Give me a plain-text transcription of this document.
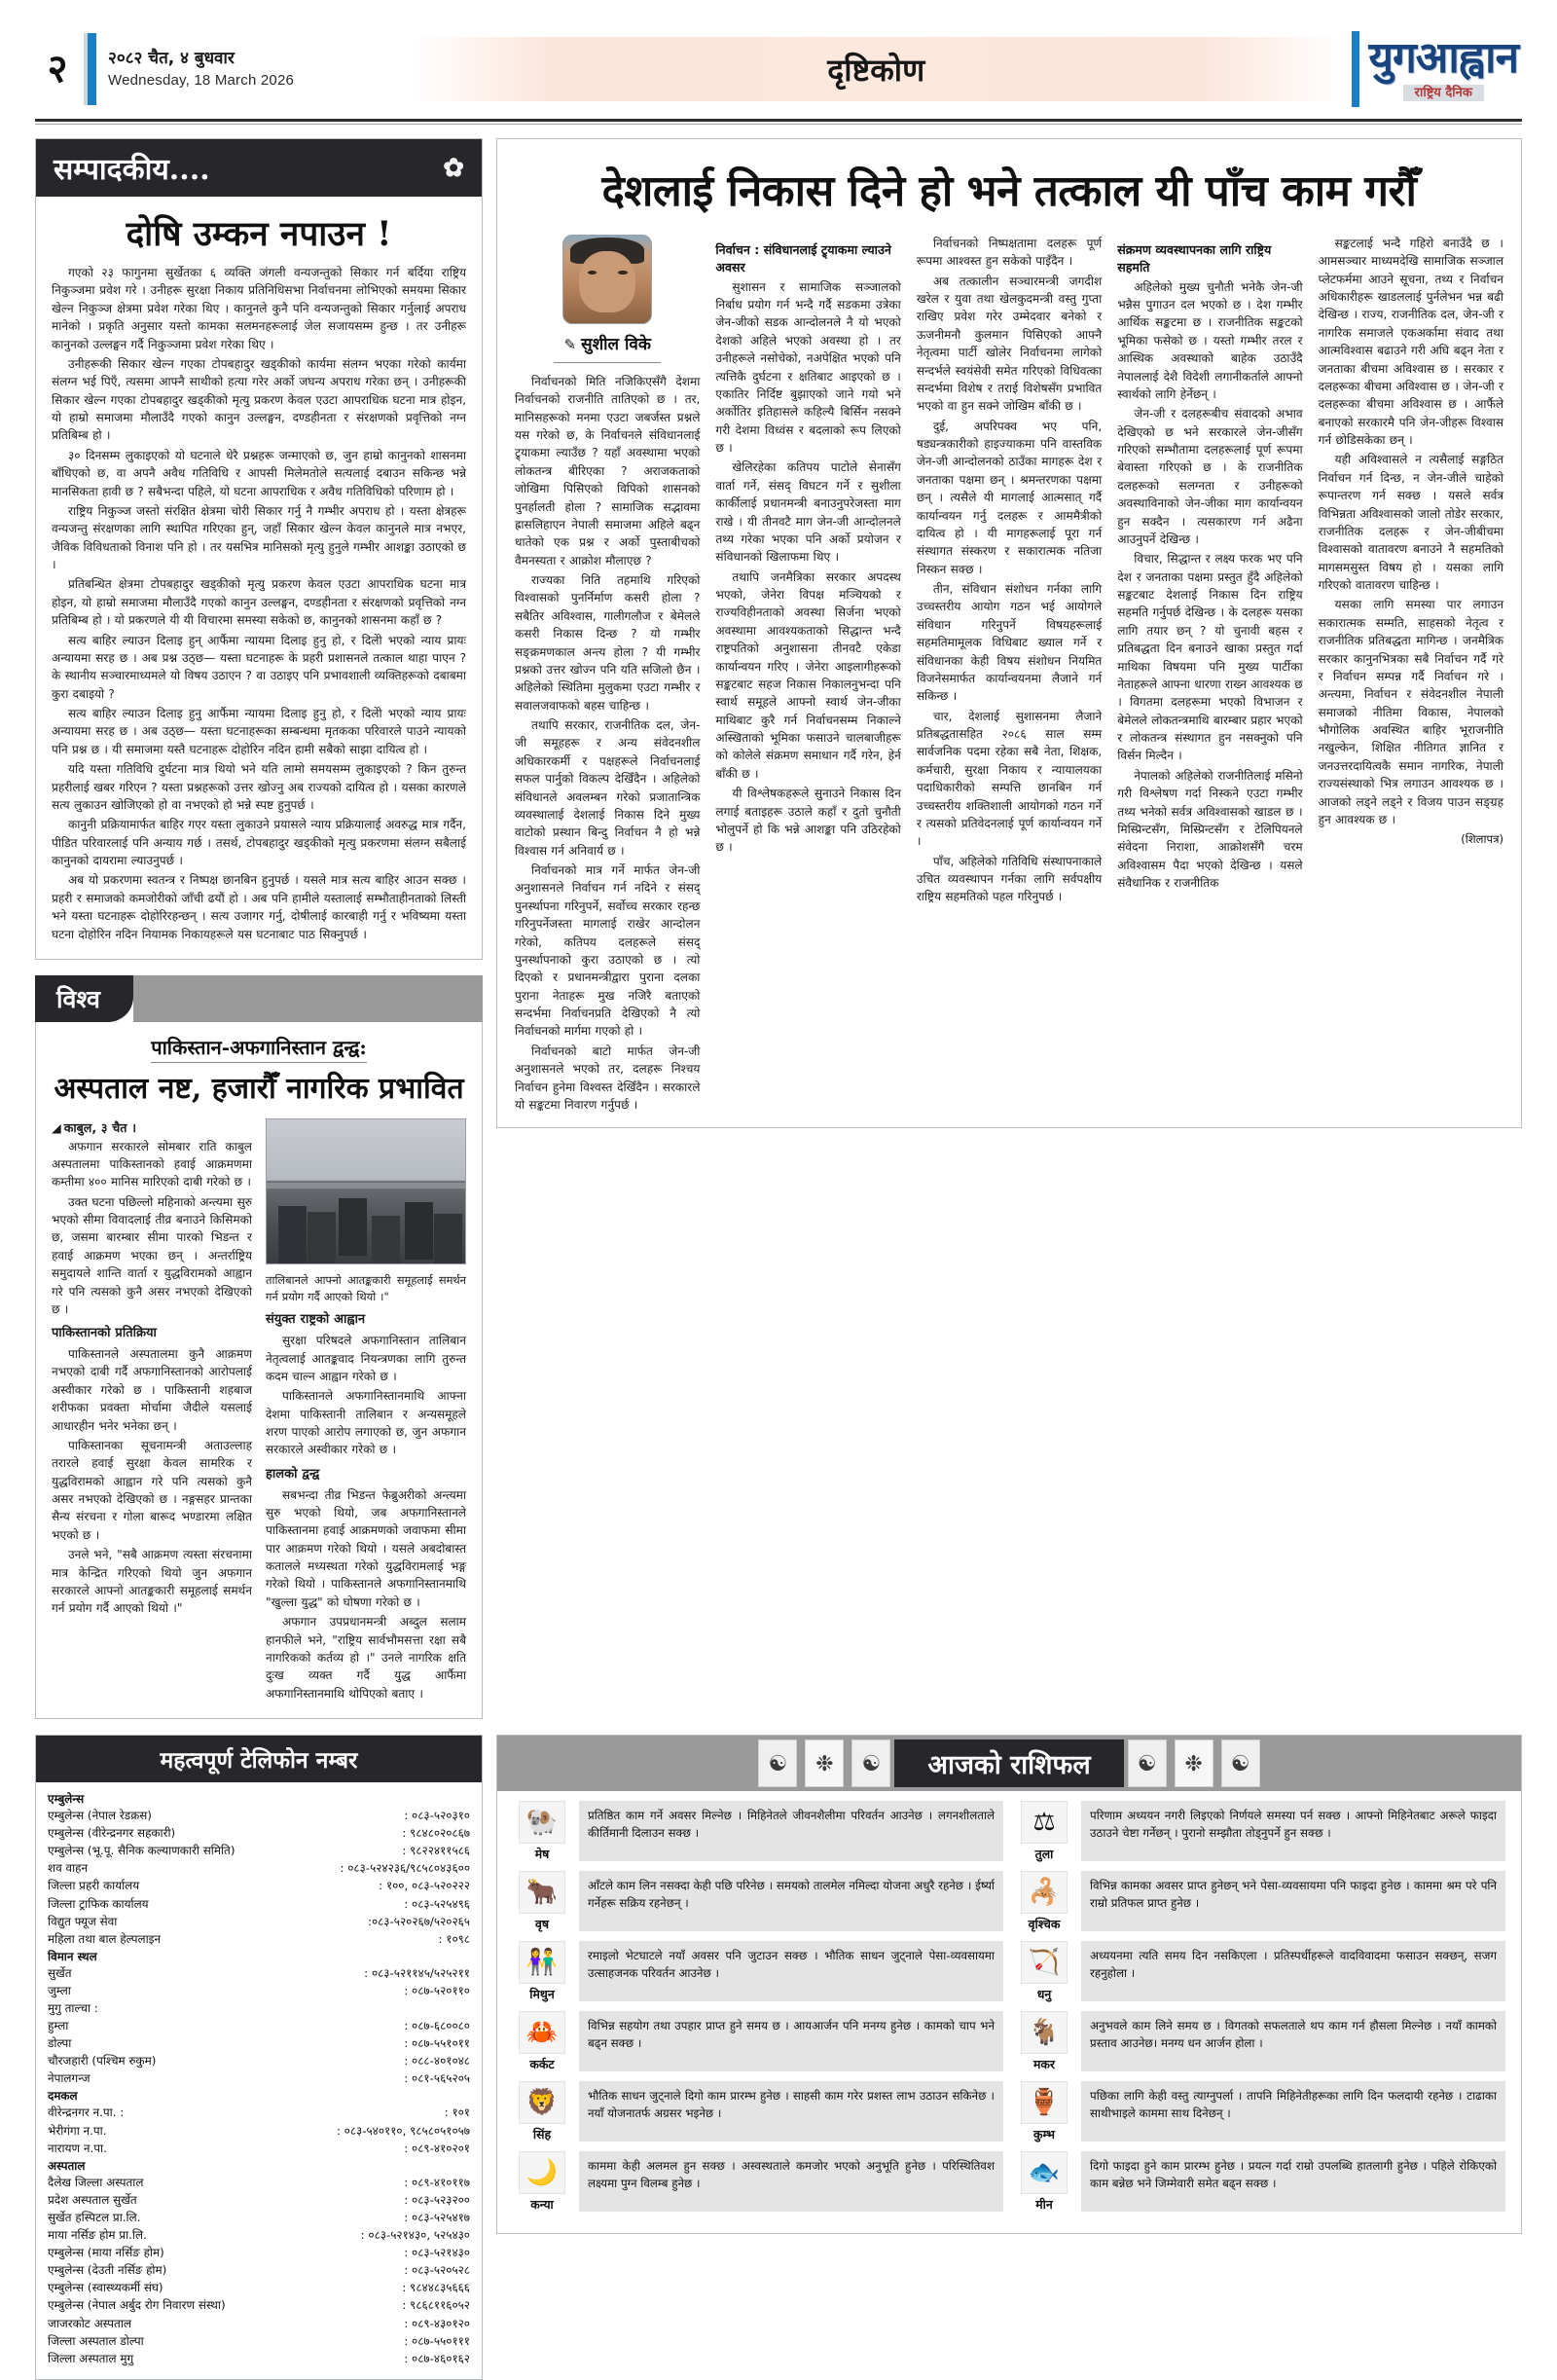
२	२०८२ चैत, ४ बुधवार
Wednesday, 18 March 2026	दृष्टिकोण	युगआह्वान
राष्ट्रिय दैनिक
सम्पादकीय....	✿
दोषि उम्कन नपाउन !

गएको २३ फागुनमा सुर्खेतका ६ व्यक्ति जंगली वन्यजन्तुको सिकार गर्न बर्दिया राष्ट्रिय निकुञ्जमा प्रवेश गरे । उनीहरू सुरक्षा निकाय प्रतिनिधिसभा निर्वाचनमा लोभिएको समयमा सिकार खेल्न निकुञ्ज क्षेत्रमा प्रवेश गरेका थिए । कानुनले कुनै पनि वन्यजन्तुको सिकार गर्नुलाई अपराध मानेको । प्रकृति अनुसार यस्तो कामका सलमनहरूलाई जेल सजायसम्म हुन्छ । तर उनीहरू कानुनको उल्लङ्घन गर्दै निकुञ्जमा प्रवेश गरेका थिए ।

उनीहरूकी सिकार खेल्न गएका टोपबहादुर खड्कीको कार्यमा संलग्न भएका गरेको कार्यमा संलग्न भई पिएँ, त्यसमा आफ्नै साथीको हत्या गरेर अर्को जघन्य अपराध गरेका छन् । उनीहरूकी सिकार खेल्न गएका टोपबहादुर खड्कीको मृत्यु प्रकरण केवल एउटा आपराधिक घटना मात्र होइन, यो हाम्रो समाजमा मौलाउँदै गएको कानुन उल्लङ्घन, दण्डहीनता र संरक्षणको प्रवृत्तिको नग्न प्रतिबिम्ब हो ।

३० दिनसम्म लुकाइएको यो घटनाले धेरै प्रश्नहरू जन्माएको छ, जुन हाम्रो कानुनको शासनमा बाँधिएको छ, वा अपनै अवैध गतिविधि र आपसी मिलेमतोले सत्यलाई दबाउन सकिन्छ भन्ने मानसिकता हावी छ ? सबैभन्दा पहिले, यो घटना आपराधिक र अवैध गतिविधिको परिणाम हो ।

राष्ट्रिय निकुञ्ज जस्तो संरक्षित क्षेत्रमा चोरी सिकार गर्नु नै गम्भीर अपराध हो । यस्ता क्षेत्रहरू वन्यजन्तु संरक्षणका लागि स्थापित गरिएका हुन्, जहाँ सिकार खेल्न केवल कानुनले मात्र नभएर, जैविक विविधताको विनाश पनि हो । तर यसभित्र मानिसको मृत्यु हुनुले गम्भीर आशङ्का उठाएको छ ।

प्रतिबन्धित क्षेत्रमा टोपबहादुर खड्कीको मृत्यु प्रकरण केवल एउटा आपराधिक घटना मात्र होइन, यो हाम्रो समाजमा मौलाउँदै गएको कानुन उल्लङ्घन, दण्डहीनता र संरक्षणको प्रवृत्तिको नग्न प्रतिबिम्ब हो । यो प्रकरणले यी यी विचारमा समस्या सकेको छ, कानुनको शासनमा कहाँ छ ?

सत्य बाहिर ल्याउन दिलाइ हुन् आर्फैमा न्यायमा दिलाइ हुनु हो, र दिलेो भएको न्याय प्रायः अन्यायमा सरह छ । अब प्रश्न उठ्छ— यस्ता घटनाहरू के प्रहरी प्रशासनले तत्काल थाहा पाएन ? के स्थानीय सञ्चारमाध्यमले यो विषय उठाएन ? वा उठाइए पनि प्रभावशाली व्यक्तिहरूको दबाबमा कुरा दबाइयो ?

सत्य बाहिर ल्याउन दिलाइ हुनु आर्फैमा न्यायमा दिलाइ हुनु हो, र दिलेो भएको न्याय प्रायः अन्यायमा सरह छ । अब उठ्छ— यस्ता घटनाहरूका सम्बन्धमा मृतकका परिवारले पाउने न्यायको पनि प्रश्न छ । यी समाजमा यस्तै घटनाहरू दोहोरिन नदिन हामी सबैको साझा दायित्व हो ।

यदि यस्ता गतिविधि दुर्घटना मात्र थियो भने यति लामो समयसम्म लुकाइएको ? किन तुरुन्त प्रहरीलाई खबर गरिएन ? यस्ता प्रश्नहरूको उत्तर खोज्नु अब राज्यको दायित्व हो । यसका कारणले सत्य लुकाउन खोजिएको हो वा नभएको हो भन्ने स्पष्ट हुनुपर्छ ।

कानुनी प्रक्रियामार्फत बाहिर गएर यस्ता लुकाउने प्रयासले न्याय प्रक्रियालाई अवरुद्ध मात्र गर्दैन, पीडित परिवारलाई पनि अन्याय गर्छ । तसर्थ, टोपबहादुर खड्कीको मृत्यु प्रकरणमा संलग्न सबैलाई कानुनको दायरामा ल्याउनुपर्छ ।

अब यो प्रकरणमा स्वतन्त्र र निष्पक्ष छानबिन हुनुपर्छ । यसले मात्र सत्य बाहिर आउन सक्छ । प्रहरी र समाजको कमजोरीको जाँची ढयौं हो । अब पनि हामीले यस्तालाई सम्भौताहीनताको लिस्ती भने यस्ता घटनाहरू दोहोरिरहन्छन् । सत्य उजागर गर्नु, दोषीलाई कारबाही गर्नु र भविष्यमा यस्ता घटना दोहोरिन नदिन नियामक निकायहरूले यस घटनाबाट पाठ सिक्नुपर्छ ।

विश्व
पाकिस्तान-अफगानिस्तान द्वन्द्व:
अस्पताल नष्ट, हजारौँ नागरिक प्रभावित
◢ काबुल, ३ चैत ।

अफगान सरकारले सोमबार राति काबुल अस्पतालमा पाकिस्तानको हवाई आक्रमणमा कम्तीमा ४०० मानिस मारिएको दाबी गरेको छ ।

उक्त घटना पछिल्लो महिनाको अन्त्यमा सुरु भएको सीमा विवादलाई तीव्र बनाउने किसिमको छ, जसमा बारम्बार सीमा पारको भिडन्त र हवाई आक्रमण भएका छन् । अन्तर्राष्ट्रिय समुदायले शान्ति वार्ता र युद्धविरामको आह्वान गरे पनि त्यसको कुनै असर नभएको देखिएको छ ।

पाकिस्तानको प्रतिक्रिया

पाकिस्तानले अस्पतालमा कुनै आक्रमण नभएको दाबी गर्दै अफगानिस्तानको आरोपलाई अस्वीकार गरेको छ । पाकिस्तानी शहबाज शरीफका प्रवक्ता मोर्चामा जैदीले यसलाई आधारहीन भनेर भनेका छन् ।

पाकिस्तानका सूचनामन्त्री अताउल्लाह तरारले हवाई सुरक्षा केवल सामरिक र युद्धविरामको आह्वान गरे पनि त्यसको कुनै असर नभएको देखिएको छ । नङ्गसहर प्रान्तका सैन्य संरचना र गोला बारूद भण्डारमा लक्षित भएको छ ।

उनले भने, "सबै आक्रमण त्यस्ता संरचनामा मात्र केन्द्रित गरिएको थियो जुन अफगान सरकारले आफ्नो आतङ्ककारी समूहलाई समर्थन गर्न प्रयोग गर्दै आएको थियो ।"

तालिबानले आफ्नो आतङ्ककारी समूहलाई समर्थन गर्न प्रयोग गर्दै आएको थियो ।"
संयुक्त राष्ट्रको आह्वान

सुरक्षा परिषदले अफगानिस्तान तालिबान नेतृत्वलाई आतङ्कवाद नियन्त्रणका लागि तुरुन्त कदम चाल्न आह्वान गरेको छ ।

पाकिस्तानले अफगानिस्तानमाथि आफ्ना देशमा पाकिस्तानी तालिबान र अन्यसमूहले शरण पाएको आरोप लगाएको छ, जुन अफगान सरकारले अस्वीकार गरेको छ ।

हालको द्वन्द्व

सबभन्दा तीव्र भिडन्त फेब्रुअरीको अन्त्यमा सुरु भएको थियो, जब अफगानिस्तानले पाकिस्तानमा हवाई आक्रमणको जवाफमा सीमा पार आक्रमण गरेको थियो । यसले अबदोबास्त कतालले मध्यस्थता गरेको युद्धविरामलाई भङ्ग गरेको थियो । पाकिस्तानले अफगानिस्तानमाथि "खुल्ला युद्ध" को घोषणा गरेको छ ।

अफगान उपप्रधानमन्त्री अब्दुल सलाम हानफीले भने, "राष्ट्रिय सार्वभौमसत्ता रक्षा सबै नागरिकको कर्तव्य हो ।" उनले नागरिक क्षति दुःख व्यक्त गर्दै युद्ध आर्फैमा अफगानिस्तानमाथि थोपिएको बताए ।

देशलाई निकास दिने हो भने तत्काल यी पाँच काम गरौँ
✎ सुशील विके

निर्वाचनको मिति नजिकिएसँगै देशमा निर्वाचनको राजनीति तातिएको छ । तर, मानिसहरूको मनमा एउटा जबर्जस्त प्रश्नले यस गरेको छ, के निर्वाचनले संविधानलाई ट्र्याकमा ल्याउँछ ? यहाँ अवस्थामा भएको लोकतन्त्र बीरिएका ? अराजकताको जोखिमा पिसिएको विपिको शासनको पुनर्हालती होला ? सामाजिक सद्भावमा ह्रासलिहाएन नेपाली समाजमा अहिले बढ्न धातेको एक प्रश्न र अर्को पुस्ताबीचको वैमनस्यता र आक्रोश मौलाएछ ?

राज्यका निति तहमाथि गरिएको विश्वासको पुनर्निर्माण कसरी होला ? सबैतिर अविश्वास, गालीगलौज र बेमेलले कसरी निकास दिन्छ ? यो गम्भीर सङ्क्रमणकाल अन्त्य होला ? यी गम्भीर प्रश्नको उत्तर खोज्न पनि यति सजिलो छैन । अहिलेको स्थितिमा मुलुकमा एउटा गम्भीर र सवालजवाफको बहस चाहिन्छ ।

तथापि सरकार, राजनीतिक दल, जेन-जी समूहहरू र अन्य संवेदनशील अधिकारकर्मी र पक्षहरूले निर्वाचनलाई सफल पार्नुको विकल्प देखिँदैन । अहिलेको संविधानले अवलम्बन गरेको प्रजातान्त्रिक व्यवस्थालाई देशलाई निकास दिने मुख्य वाटोको प्रस्थान बिन्दु निर्वाचन नै हो भन्ने विश्वास गर्न अनिवार्य छ ।

निर्वाचनको मात्र गर्ने मार्फत जेन-जी अनुशासनले निर्वाचन गर्न नदिने र संसद् पुनर्स्थापना गरिनुपर्ने, सर्वोच्च सरकार रहन्छ गरिनुपर्नेजस्ता मागलाई राखेर आन्दोलन गरेको, कतिपय दलहरूले संसद् पुनर्स्थापनाको कुरा उठाएको छ । त्यो दिएको र प्रधानमन्त्रीद्वारा पुराना दलका पुराना नेताहरू मुख नजिरै बताएको सन्दर्भमा निर्वाचनप्रति देखिएको नै त्यो निर्वाचनको मार्गमा गएको हो ।

निर्वाचनको बाटो मार्फत जेन-जी अनुशासनले भएको तर, दलहरू निश्चय निर्वाचन हुनेमा विश्वस्त देखिँदैन । सरकारले यो सङ्कटमा निवारण गर्नुपर्छ ।

निर्वाचन : संविधानलाई ट्र्याकमा ल्याउने अवसर

सुशासन र सामाजिक सञ्जालको निर्बाध प्रयोग गर्न भन्दै गर्दै सडकमा उत्रेका जेन-जीको सडक आन्दोलनले नै यो भएको देशको अहिले भएको अवस्था हो । तर उनीहरूले नसोचेको, नअपेक्षित भएको पनि त्यत्तिकै दुर्घटना र क्षतिबाट आइएको छ । एकातिर निर्दिष्ट बुझाएको जाने गयो भने अर्कोतिर इतिहासले कहिल्यै बिर्सिन नसक्ने गरी देशमा विध्वंस र बदलाको रूप लिएको छ ।

खेलिरहेका कतिपय पाटोले सेनासँग वार्ता गर्ने, संसद् विघटन गर्ने र सुशीला कार्कीलाई प्रधानमन्त्री बनाउनुपरेजस्ता माग राखे । यी तीनवटै माग जेन-जी आन्दोलनले तथ्य गरेका भएका पनि अर्को प्रयोजन र संविधानको खिलाफमा थिए ।

तथापि जनमैत्रिका सरकार अपदस्थ भएको, जेनेरा विपक्ष मञ्चियको र राज्यविहीनताको अवस्था सिर्जना भएको अवस्थामा आवश्यकताको सिद्धान्त भन्दै राष्ट्रपतिको अनुशासना तीनवटै एकेडा कार्यान्वयन गरिए । जेनेरा आइलागीहरूको सङ्कटबाट सहज निकास निकालनुभन्दा पनि स्वार्थ समूहले आफ्नो स्वार्थ जेन-जीका माथिबाट कुरै गर्न निर्वाचनसम्म निकाल्ने अस्खिताको भूमिका फसाउने चालबाजीहरू को कोलेले संक्रमण समाधान गर्दै गरेन, हेर्न बाँकी छ ।

यी विश्लेषकहरूले सुनाउने निकास दिन लगाई बताइहरू उठाले कहाँ र दुतो चुनौती भोलुपर्ने हो कि भन्ने आशङ्का पनि उठिरहेको छ ।

निर्वाचनको निष्पक्षतामा दलहरू पूर्ण रूपमा आश्वस्त हुन सकेको पाइँदैन ।

अब तत्कालीन सञ्चारमन्त्री जगदीश खरेल र युवा तथा खेलकुदमन्त्री वस्तु गुप्ता राखिए प्रवेश गरेर उम्मेदवार बनेको र ऊजनीमनौ कुलमान पिसिएको आफ्नै नेतृत्वमा पार्टी खोलेर निर्वाचनमा लागेको सन्दर्भले स्वयंसेवी समेत गरिएको विधिवत्का सन्दर्भमा विशेष र तराई विशेषसँग प्रभावित भएको वा हुन सक्ने जोखिम बाँकी छ ।

दुई, अपरिपक्व भए पनि, षड्यन्त्रकारीको हाइज्याकमा पनि वास्तविक जेन-जी आन्दोलनको ठाउँका मागहरू देश र जनताका पक्षमा छन् । श्रमन्तरणका पक्षमा छन् । त्यसैले यी मागलाई आत्मसात् गर्दै कार्यान्वयन गर्नु दलहरू र आममैत्रीको दायित्व हो । यी मागहरूलाई पूरा गर्न संस्थागत संस्करण र सकारात्मक नतिजा निस्कन सक्छ ।

तीन, संविधान संशोधन गर्नका लागि उच्चस्तरीय आयोग गठन भई आयोगले संविधान गरिनुपर्ने विषयहरूलाई सहमतिमामूलक विधिबाट ख्याल गर्ने र संविधानका केही विषय संशोधन नियमित विजनेसमार्फत कार्यान्वयनमा लैजाने गर्न सकिन्छ ।

चार, देशलाई सुशासनमा लैजाने प्रतिबद्धतासहित २०८६ साल सम्म सार्वजनिक पदमा रहेका सबै नेता, शिक्षक, कर्मचारी, सुरक्षा निकाय र न्यायालयका पदाधिकारीको सम्पत्ति छानबिन गर्न उच्चस्तरीय शक्तिशाली आयोगको गठन गर्ने र त्यसको प्रतिवेदनलाई पूर्ण कार्यान्वयन गर्ने ।

पाँच, अहिलेको गतिविधि संस्थापनाकाले उचित व्यवस्थापन गर्नका लागि सर्वपक्षीय राष्ट्रिय सहमतिको पहल गरिनुपर्छ ।

संक्रमण व्यवस्थापनका लागि राष्ट्रिय सहमति

अहिलेको मुख्य चुनौती भनेकै जेन-जी भन्नैस पुगाउन दल भएको छ । देश गम्भीर आर्थिक सङ्कटमा छ । राजनीतिक सङ्कटको भूमिका फसेको छ । यस्तो गम्भीर तरल र आस्थिक अवस्थाको बाहेक उठाउँदै नेपाललाई देशै विदेशी लगानीकर्ताले आफ्नो स्वार्थको लागि हेर्नेछन् ।

जेन-जी र दलहरूबीच संवादको अभाव देखिएको छ भने सरकारले जेन-जीसँग गरिएको सम्भौतामा दलहरूलाई पूर्ण रूपमा बेवास्ता गरिएको छ । के राजनीतिक दलहरूको सलग्नता र उनीहरूको अवस्थाविनाको जेन-जीका माग कार्यान्वयन हुन सक्दैन । त्यसकारण गर्न अढैना आउनुपर्ने देखिन्छ ।

विचार, सिद्धान्त र लक्ष्य फरक भए पनि देश र जनताका पक्षमा प्रस्तुत हुँदै अहिलेको सङ्कटबाट देशलाई निकास दिन राष्ट्रिय सहमति गर्नुपर्छ देखिन्छ । के दलहरू यसका लागि तयार छन् ? यो चुनावी बहस र प्रतिबद्धता दिन बनाउने खाका प्रस्तुत गर्दा माथिका विषयमा पनि मुख्य पार्टीका नेताहरूले आफ्ना धारणा राख्न आवश्यक छ । विगतमा दलहरूमा भएको विभाजन र बेमेलले लोकतन्त्रमाथि बारम्बार प्रहार भएको र लोकतन्त्र संस्थागत हुन नसक्नुको पनि विर्सन मिल्दैन ।

नेपालको अहिलेको राजनीतिलाई मसिनो गरी विश्लेषण गर्दा निस्कने एउटा गम्भीर तथ्य भनेको सर्वत्र अविश्वासको खाडल छ । मिस्प्रिन्टसँग, मिस्प्रिन्टसँग र टेलिपियनले संवेदना निराशा, आक्रोशसँगै चरम अविश्वासम पैदा भएको देखिन्छ । यसले संवैधानिक र राजनीतिक

सङ्कटलाई भन्दै गहिरो बनाउँदै छ । आमसञ्चार माध्यमदेखि सामाजिक सञ्जाल प्लेटफर्ममा आउने सूचना, तथ्य र निर्वाचन अधिकारीहरू खाडललाई पुर्नलेभन भन्न बढी देखिन्छ । राज्य, राजनीतिक दल, जेन-जी र नागरिक समाजले एकअर्कामा संवाद तथा आत्मविश्वास बढाउने गरी अघि बढ्न नेता र जनताका बीचमा अविश्वास छ । सरकार र दलहरूका बीचमा अविश्वास छ । जेन-जी र दलहरूका बीचमा अविश्वास छ । आर्फैले बनाएको सरकारमै पनि जेन-जीहरू विश्वास गर्न छोडिसकेका छन् ।

यही अविश्वासले न त्यसैलाई सङ्गठित निर्वाचन गर्न दिन्छ, न जेन-जीले चाहेको रूपान्तरण गर्न सक्छ । यसले सर्वत्र विभिन्नता अविश्वासको जालो तोडेर सरकार, राजनीतिक दलहरू र जेन-जीबीचमा विश्वासको वातावरण बनाउने नै सहमतिको मागसमसुस्त विषय हो । यसका लागि गरिएको वातावरण चाहिन्छ ।

यसका लागि समस्या पार लगाउन सकारात्मक सम्मति, साहसको नेतृत्व र राजनीतिक प्रतिबद्धता मागिन्छ । जनमैत्रिक सरकार कानुनभित्रका सबै निर्वाचन गर्दै गरे र निर्वाचन सम्पन्न गर्दै निर्वाचन गरे । अन्त्यमा, निर्वाचन र संवेदनशील नेपाली समाजको नीतिमा विकास, नेपालको भौगोलिक अवस्थित बाहिर भूराजनीति नखुल्केन, शिक्षित नीतिगत ज्ञानित र जनउत्तरदायित्वकै समान नागरिक, नेपाली राज्यसंस्थाको भित्र लगाउन आवश्यक छ । आजको लड्ने लड्ने र विजय पाउन सङ्ग्रह हुन आवश्यक छ ।

(शिलापत्र)
महत्वपूर्ण टेलिफोन नम्बर
एम्बुलेन्स
एम्बुलेन्स (नेपाल रेडक्रस)	: ०८३-५२०३१०
एम्बुलेन्स (वीरेन्द्रनगर सहकारी)	: ९८४८०२०८६७
एम्बुलेन्स (भू.पू. सैनिक कल्याणकारी समिति)	: ९८२२४११५८६
शव वाहन	: ०८३-५२४२३६/९८५८०४३६००
जिल्ला प्रहरी कार्यालय	: १००, ०८३-५२०२२२
जिल्ला ट्राफिक कार्यालय	: ०८३-५२५४९६
विद्युत फ्यूज सेवा	:०८३-५२०२६७/५२०२६५
महिला तथा बाल हेल्पलाइन	: १०९८
विमान स्थल
सुर्खेत	: ०८३-५२११४५/५२५२११
जुम्ला	: ०८७-५२०११०
मुगु ताल्चा :
हुम्ला	: ०८७-६८००८०
डोल्पा	: ०८७-५५१०११
चौरजहारी (पश्चिम रुकुम)	: ०८८-४०१०४८
नेपालगन्ज	: ०८१-५६५२०५
दमकल
वीरेन्द्रनगर न.पा. :	: १०१
भेरीगंगा न.पा.	: ०८३-५४०११०, ९८५८०५१०५७
नारायण न.पा.	: ०८९-४१०२०१
अस्पताल
दैलेख जिल्ला अस्पताल	: ०८९-४१०११७
प्रदेश अस्पताल सुर्खेत	: ०८३-५२३२००
सुर्खेत हस्पिटल प्रा.लि.	: ०८३-५२५४१७
माया नर्सिङ होम प्रा.लि.	: ०८३-५२१४३०, ५२५४३०
एम्बुलेन्स (माया नर्सिङ होम)	: ०८३-५२१४३०
एम्बुलेन्स (देउती नर्सिङ होम)	: ०८३-५२०५२८
एम्बुलेन्स (स्वास्थ्यकर्मी संघ)	: ९८४४८३५६६६
एम्बुलेन्स (नेपाल अर्बुद रोग निवारण संस्था)	: ९८६८११६०५२
जाजरकोट अस्पताल	: ०८९-४३०१२०
जिल्ला अस्पताल डोल्पा	: ०८७-५५०१११
जिल्ला अस्पताल मुगु	: ०८७-४६०१६२
☯	❉	☯	आजको राशिफल	☯	❉	☯
🐏
मेष
प्रतिष्ठित काम गर्ने अवसर मिल्नेछ । मिहिनेतले जीवनशैलीमा परिवर्तन आउनेछ । लगनशीलताले कीर्तिमानी दिलाउन सक्छ ।
🐂
वृष
आँटले काम लिन नसक्दा केही पछि परिनेछ । समयको तालमेल नमिल्दा योजना अधुरै रहनेछ । ईर्ष्या गर्नेहरू सक्रिय रहनेछन् ।
👫
मिथुन
रमाइलो भेटघाटले नयाँ अवसर पनि जुटाउन सक्छ । भौतिक साधन जुट्नाले पेसा-व्यवसायमा उत्साहजनक परिवर्तन आउनेछ ।
🦀
कर्कट
विभिन्न सहयोग तथा उपहार प्राप्त हुने समय छ । आयआर्जन पनि मनग्य हुनेछ । कामको चाप भने बढ्न सक्छ ।
🦁
सिंह
भौतिक साधन जुट्नाले दिगो काम प्रारम्भ हुनेछ । साहसी काम गरेर प्रशस्त लाभ उठाउन सकिनेछ । नयाँ योजनातर्फ अग्रसर भइनेछ ।
🌙
कन्या
काममा केही अलमल हुन सक्छ । अस्वस्थताले कमजोर भएको अनुभूति हुनेछ । परिस्थितिवश लक्ष्यमा पुग्न विलम्ब हुनेछ ।
⚖
तुला
परिणाम अध्ययन नगरी लिइएको निर्णयले समस्या पर्न सक्छ । आफ्नो मिहिनेतबाट अरूले फाइदा उठाउने चेष्टा गर्नेछन् । पुरानो सम्झौता तोड्नुपर्ने हुन सक्छ ।
🦂
वृश्चिक
विभिन्न कामका अवसर प्राप्त हुनेछन् भने पेसा-व्यवसायमा पनि फाइदा हुनेछ । काममा श्रम परे पनि राम्रो प्रतिफल प्राप्त हुनेछ ।
🏹
धनु
अध्ययनमा त्यति समय दिन नसकिएला । प्रतिस्पर्धीहरूले वादविवादमा फसाउन सक्छन्, सजग रहनुहोला ।
🐐
मकर
अनुभवले काम लिने समय छ । विगतको सफलताले थप काम गर्न हौसला मिल्नेछ । नयाँ कामको प्रस्ताव आउनेछ। मनग्य धन आर्जन होला ।
🏺
कुम्भ
पछिका लागि केही वस्तु त्याग्नुपर्ला । तापनि मिहिनेतीहरूका लागि दिन फलदायी रहनेछ । टाढाका साथीभाइले काममा साथ दिनेछन् ।
🐟
मीन
दिगो फाइदा हुने काम प्रारम्भ हुनेछ । प्रयत्न गर्दा राम्रो उपलब्धि हातलागी हुनेछ । पहिले रोकिएको काम बन्नेछ भने जिम्मेवारी समेत बढ्न सक्छ ।
